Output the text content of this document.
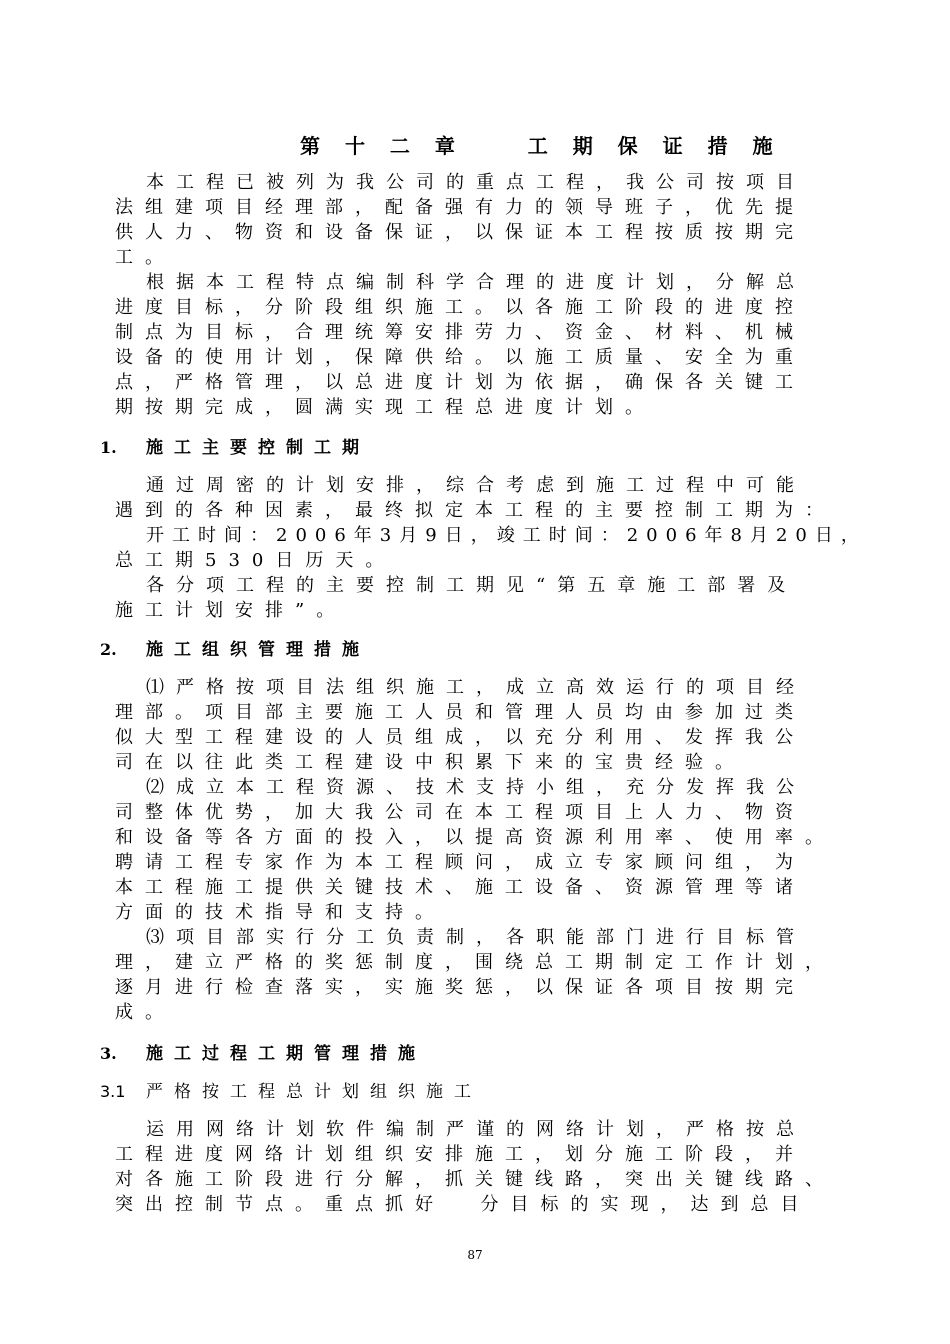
第 十 二 章    工 期 保 证 措 施
本工程已被列为我公司的重点工程，我公司按项目
法组建项目经理部，配备强有力的领导班子，优先提
供人力、物资和设备保证，以保证本工程按质按期完
工。
根据本工程特点编制科学合理的进度计划，分解总
进度目标，分阶段组织施工。以各施工阶段的进度控
制点为目标，合理统筹安排劳力、资金、材料、机械
设备的使用计划，保障供给。以施工质量、安全为重
点，严格管理，以总进度计划为依据，确保各关键工
期按期完成，圆满实现工程总进度计划。
1. 施工主要控制工期
通过周密的计划安排，综合考虑到施工过程中可能
遇到的各种因素，最终拟定本工程的主要控制工期为：
开工时间：2006年3月9日，竣工时间：2006年8月20日，
总工期530日历天。
各分项工程的主要控制工期见“第五章施工部署及
施工计划安排”。
2. 施工组织管理措施
⑴严格按项目法组织施工，成立高效运行的项目经
理部。项目部主要施工人员和管理人员均由参加过类
似大型工程建设的人员组成，以充分利用、发挥我公
司在以往此类工程建设中积累下来的宝贵经验。
⑵成立本工程资源、技术支持小组，充分发挥我公
司整体优势，加大我公司在本工程项目上人力、物资
和设备等各方面的投入，以提高资源利用率、使用率。
聘请工程专家作为本工程顾问，成立专家顾问组，为
本工程施工提供关键技术、施工设备、资源管理等诸
方面的技术指导和支持。
⑶项目部实行分工负责制，各职能部门进行目标管
理，建立严格的奖惩制度，围绕总工期制定工作计划，
逐月进行检查落实，实施奖惩，以保证各项目按期完
成。
3. 施工过程工期管理措施
3.1 严格按工程总计划组织施工
运用网络计划软件编制严谨的网络计划，严格按总
工程进度网络计划组织安排施工，划分施工阶段，并
对各施工阶段进行分解，抓关键线路，突出关键线路、
突出控制节点。重点抓好  分目标的实现，达到总目
87
